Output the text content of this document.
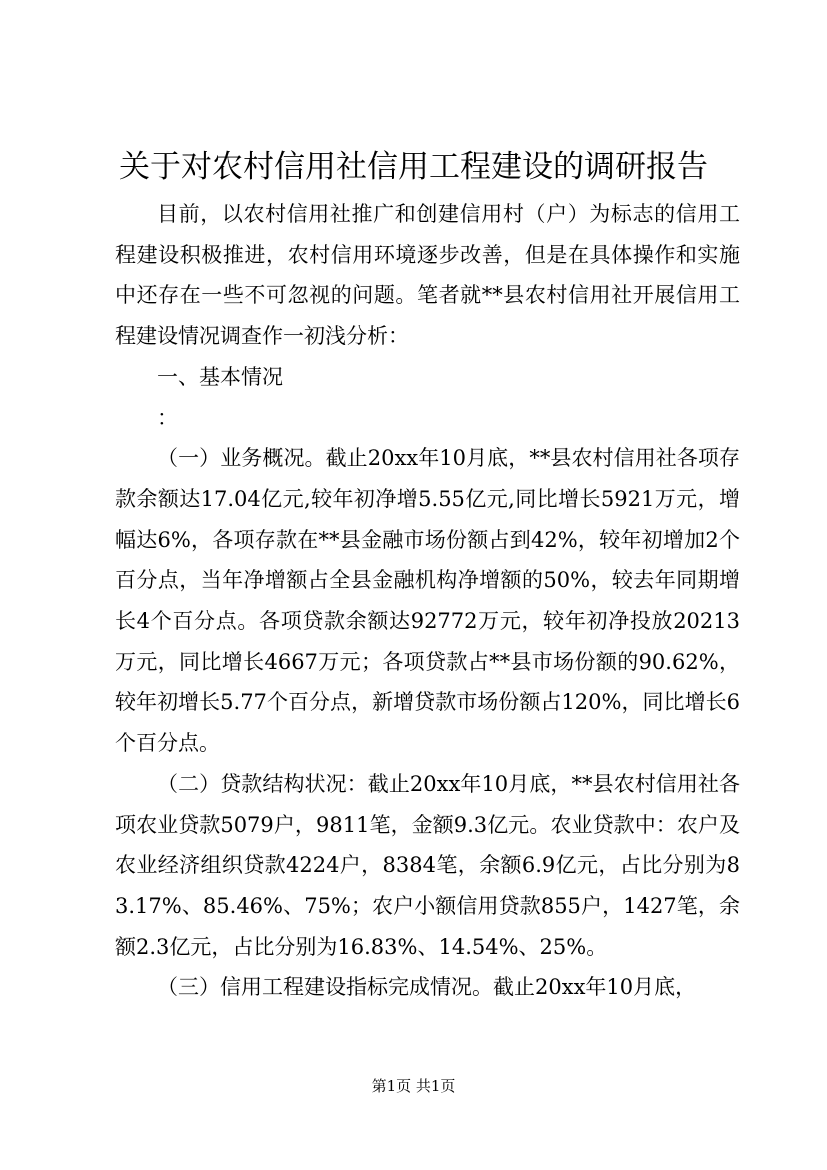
关于对农村信用社信用工程建设的调研报告

目前，以农村信用社推广和创建信用村（户）为标志的信用工程建设积极推进，农村信用环境逐步改善，但是在具体操作和实施中还存在一些不可忽视的问题。笔者就**县农村信用社开展信用工程建设情况调查作一初浅分析：

一、基本情况

：

（一）业务概况。截止20xx年10月底，**县农村信用社各项存款余额达17.04亿元,较年初净增5.55亿元,同比增长5921万元，增幅达6%，各项存款在**县金融市场份额占到42%，较年初增加2个百分点，当年净增额占全县金融机构净增额的50%，较去年同期增长4个百分点。各项贷款余额达92772万元，较年初净投放20213万元，同比增长4667万元；各项贷款占**县市场份额的90.62%，较年初增长5.77个百分点，新增贷款市场份额占120%，同比增长6个百分点。

（二）贷款结构状况：截止20xx年10月底，**县农村信用社各项农业贷款5079户，9811笔，金额9.3亿元。农业贷款中：农户及农业经济组织贷款4224户，8384笔，余额6.9亿元，占比分别为83.17%、85.46%、75%；农户小额信用贷款855户，1427笔，余额2.3亿元，占比分别为16.83%、14.54%、25%。

（三）信用工程建设指标完成情况。截止20xx年10月底，

第1页 共1页
